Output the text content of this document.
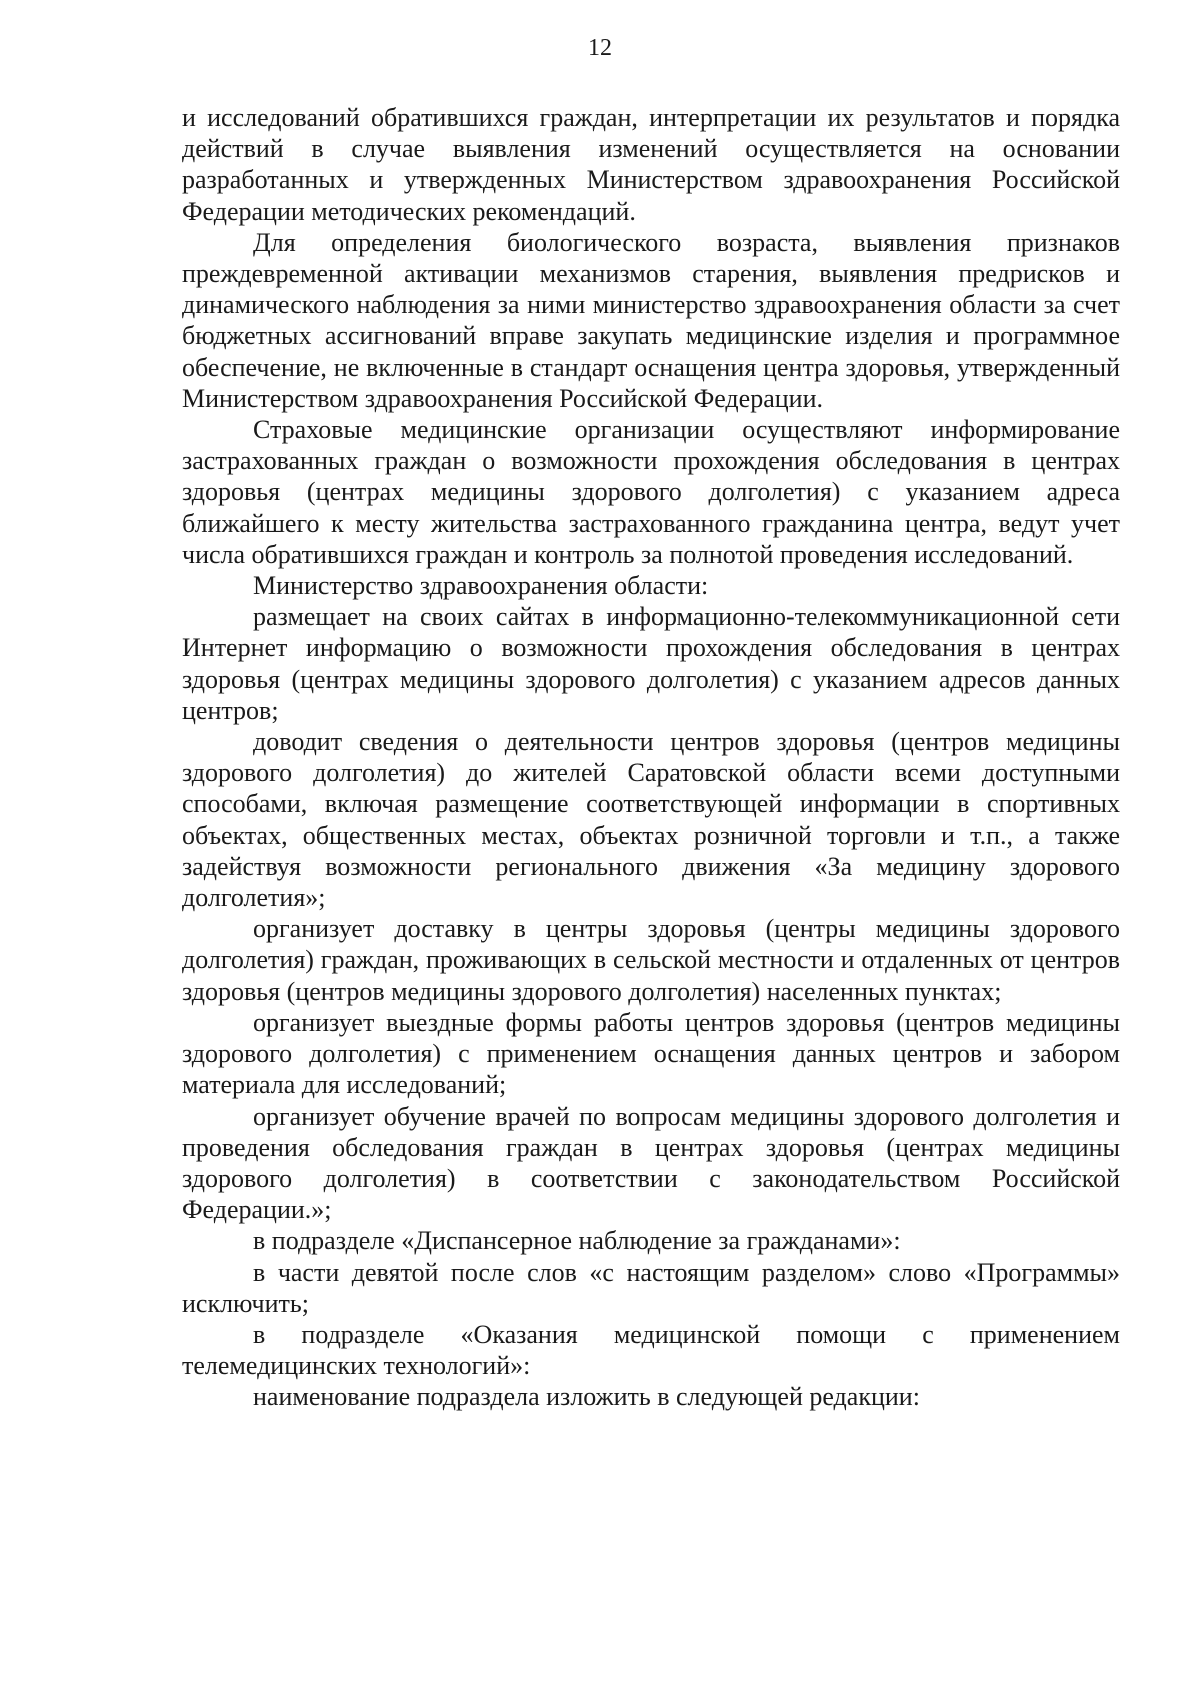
12

и исследований обратившихся граждан, интерпретации их результатов и порядка действий в случае выявления изменений осуществляется на основании разработанных и утвержденных Министерством здравоохранения Российской Федерации методических рекомендаций.

Для определения биологического возраста, выявления признаков преждевременной активации механизмов старения, выявления предрисков и динамического наблюдения за ними министерство здравоохранения области за счет бюджетных ассигнований вправе закупать медицинские изделия и программное обеспечение, не включенные в стандарт оснащения центра здоровья, утвержденный Министерством здравоохранения Российской Федерации.

Страховые медицинские организации осуществляют информирование застрахованных граждан о возможности прохождения обследования в центрах здоровья (центрах медицины здорового долголетия) с указанием адреса ближайшего к месту жительства застрахованного гражданина центра, ведут учет числа обратившихся граждан и контроль за полнотой проведения исследований.

Министерство здравоохранения области:

размещает на своих сайтах в информационно-телекоммуникационной сети Интернет информацию о возможности прохождения обследования в центрах здоровья (центрах медицины здорового долголетия) с указанием адресов данных центров;

доводит сведения о деятельности центров здоровья (центров медицины здорового долголетия) до жителей Саратовской области всеми доступными способами, включая размещение соответствующей информации в спортивных объектах, общественных местах, объектах розничной торговли и т.п., а также задействуя возможности регионального движения «За медицину здорового долголетия»;

организует доставку в центры здоровья (центры медицины здорового долголетия) граждан, проживающих в сельской местности и отдаленных от центров здоровья (центров медицины здорового долголетия) населенных пунктах;

организует выездные формы работы центров здоровья (центров медицины здорового долголетия) с применением оснащения данных центров и забором материала для исследований;

организует обучение врачей по вопросам медицины здорового долголетия и проведения обследования граждан в центрах здоровья (центрах медицины здорового долголетия) в соответствии с законодательством Российской Федерации.»;

в подразделе «Диспансерное наблюдение за гражданами»:

в части девятой после слов «с настоящим разделом» слово «Программы» исключить;

в подразделе «Оказания медицинской помощи с применением телемедицинских технологий»:

наименование подраздела изложить в следующей редакции:
